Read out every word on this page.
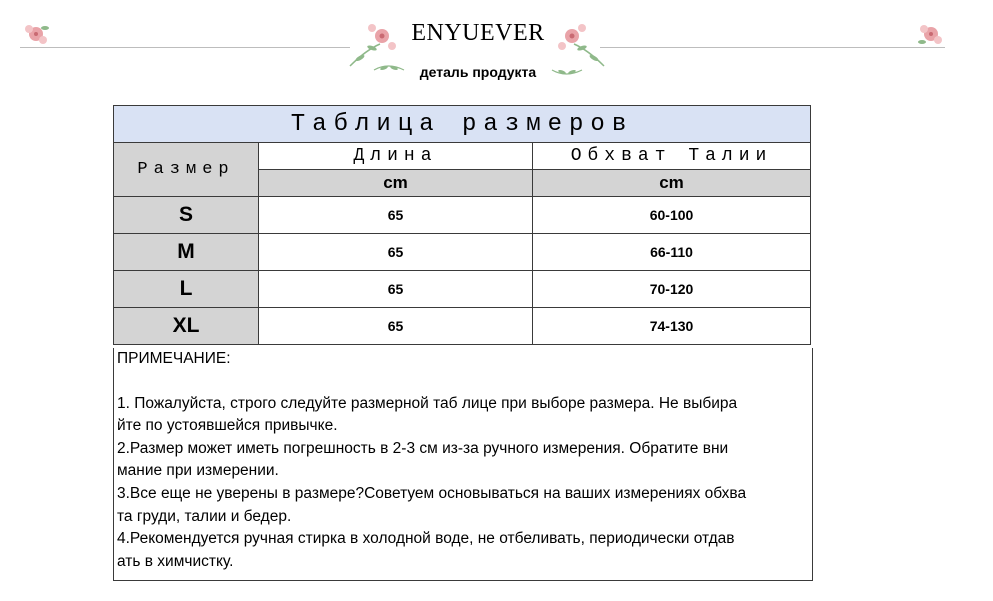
ENYUEVER
деталь продукта
Таблица размеров		
Размер	Длина	Обхват Талии
	cm	cm
S	65	60-100
M	65	66-110
L	65	70-120
XL	65	74-130

ПРИМЕЧАНИЕ:

1. Пожалуйста, строго следуйте размерной таб лице при выборе размера. Не выбира

йте по устоявшейся привычке.

2.Размер может иметь погрешность в 2-3 см из-за ручного измерения. Обратите вни

мание при измерении.

3.Все еще не уверены в размере?Советуем основываться на ваших измерениях обхва

та груди, талии и бедер.

4.Рекомендуется ручная стирка в холодной воде, не отбеливать, периодически отдав

ать в химчистку.
